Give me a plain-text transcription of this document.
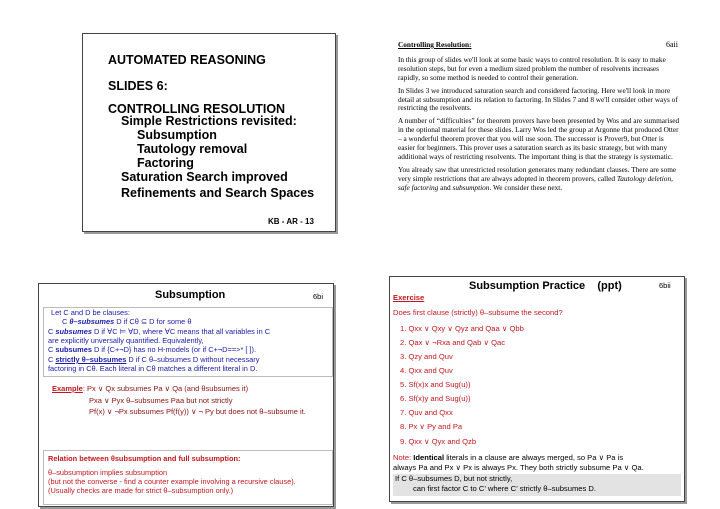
AUTOMATED REASONING
SLIDES 6:
CONTROLLING RESOLUTION
Simple Restrictions revisited:
Subsumption
Tautology removal
Factoring
Saturation Search improved
Refinements and Search Spaces
KB - AR - 13
6aii

Controlling Resolution:

In this group of slides we'll look at some basic ways to control resolution. It is easy to make resolution steps, but for even a medium sized problem the number of resolvents increases rapidly, so some method is needed to control their generation.

In Slides 3 we introduced saturation search and considered factoring. Here we'll look in more detail at subsumption and its relation to factoring. In Slides 7 and 8 we'll consider other ways of restricting the resolvents.

A number of “difficulties” for theorem provers have been presented by Wos and are summarised in the optional material for these slides. Larry Wos led the group at Argonne that produced Otter – a wonderful theorem prover that you will use soon. The successor is Prover9, but Otter is easier for beginners. This prover uses a saturation search as its basic strategy, but with many additional ways of restricting resolvents. The important thing is that the strategy is systematic.

You already saw that unrestricted resolution generates many redundant clauses. There are some very simple restrictions that are always adopted in theorem provers, called Tautology deletion, safe factoring and subsumption. We consider these next.

Subsumption	6bi
Let C and D be clauses:
C θ–subsumes D if Cθ ⊆ D for some θ
C subsumes D if ∀C ⊨ ∀D, where ∀C means that all variables in C
are explicitly unversally quantified. Equivalently,
C subsumes D if {C+¬D} has no H-models (or if C+¬D==>* [ ]).
C strictly θ–subsumes D if C θ–subsumes D without necessary
factoring in Cθ. Each literal in Cθ matches a different literal in D.
Example: Px ∨ Qx subsumes Pa ∨ Qa (and θsubsumes it)
Pxa ∨ Pyx θ–subsumes Paa but not strictly
Pf(x) ∨ ¬Px subsumes Pf(f(y)) ∨ ¬ Py but does not θ–subsume it.
Relation between θsubsumption and full subsumption:
θ–subsumption implies subsumption
(but not the converse - find a counter example involving a recursive clause).
(Usually checks are made for strict θ–subsumption only.)
Subsumption Practice    (ppt)	6bii
Exercise
Does first clause (strictly) θ–subsume the second?
1. Qxx ∨ Qxy ∨ Qyz and Qaa ∨ Qbb
2. Qax ∨ ¬Rxa and Qab ∨ Qac
3. Qzy and Quv
4. Qxx and Quv
5. Sf(x)x and Sug(u))
6. Sf(x)y and Sug(u))
7. Quv and Qxx
8. Px ∨ Py and Pa
9. Qxx ∨ Qyx and Qzb
Note: Identical literals in a clause are always merged, so Pa ∨ Pa is
always Pa and Px ∨ Px is always Px. They both strictly subsume Pa ∨ Qa.
If C θ–subsumes D, but not strictly,
can first factor C to C’ where C’ strictly θ–subsumes D.
